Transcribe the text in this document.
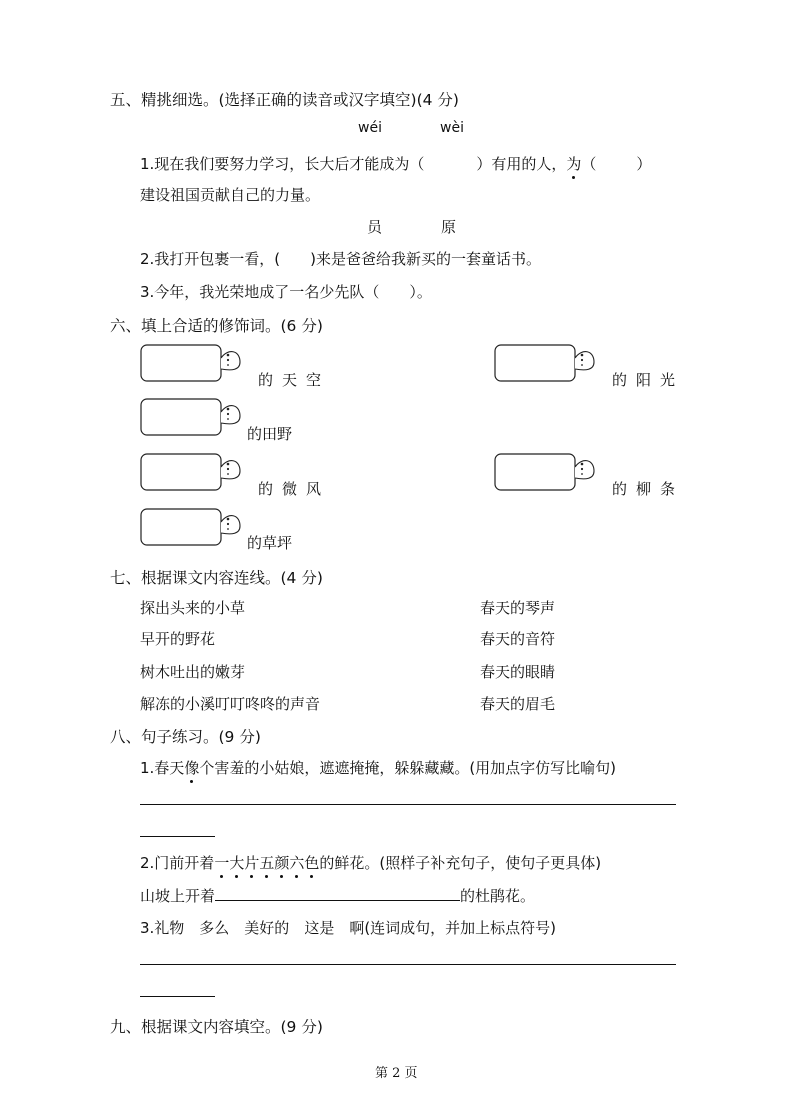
五、精挑细选。(选择正确的读音或汉字填空)(4 分)
wéi	wèi
1.现在我们要努力学习，长大后才能成为（	）有用的人，为（	）
建设祖国贡献自己的力量。
员	原
2.我打开包裹一看，(　　)来是爸爸给我新买的一套童话书。
3.今年，我光荣地成了一名少先队（　　）。
六、填上合适的修饰词。(6 分)
的天空	的阳光
的田野
的微风	的柳条
的草坪
七、根据课文内容连线。(4 分)
探出头来的小草
早开的野花
树木吐出的嫩芽
解冻的小溪叮叮咚咚的声音
春天的琴声
春天的音符
春天的眼睛
春天的眉毛
八、句子练习。(9 分)
1.春天像个害羞的小姑娘，遮遮掩掩，躲躲藏藏。(用加点字仿写比喻句)
2.门前开着一大片五颜六色的鲜花。(照样子补充句子，使句子更具体)
山坡上开着	的杜鹃花。
3.礼物　多么　美好的　这是　啊(连词成句，并加上标点符号)
九、根据课文内容填空。(9 分)
第 2 页
